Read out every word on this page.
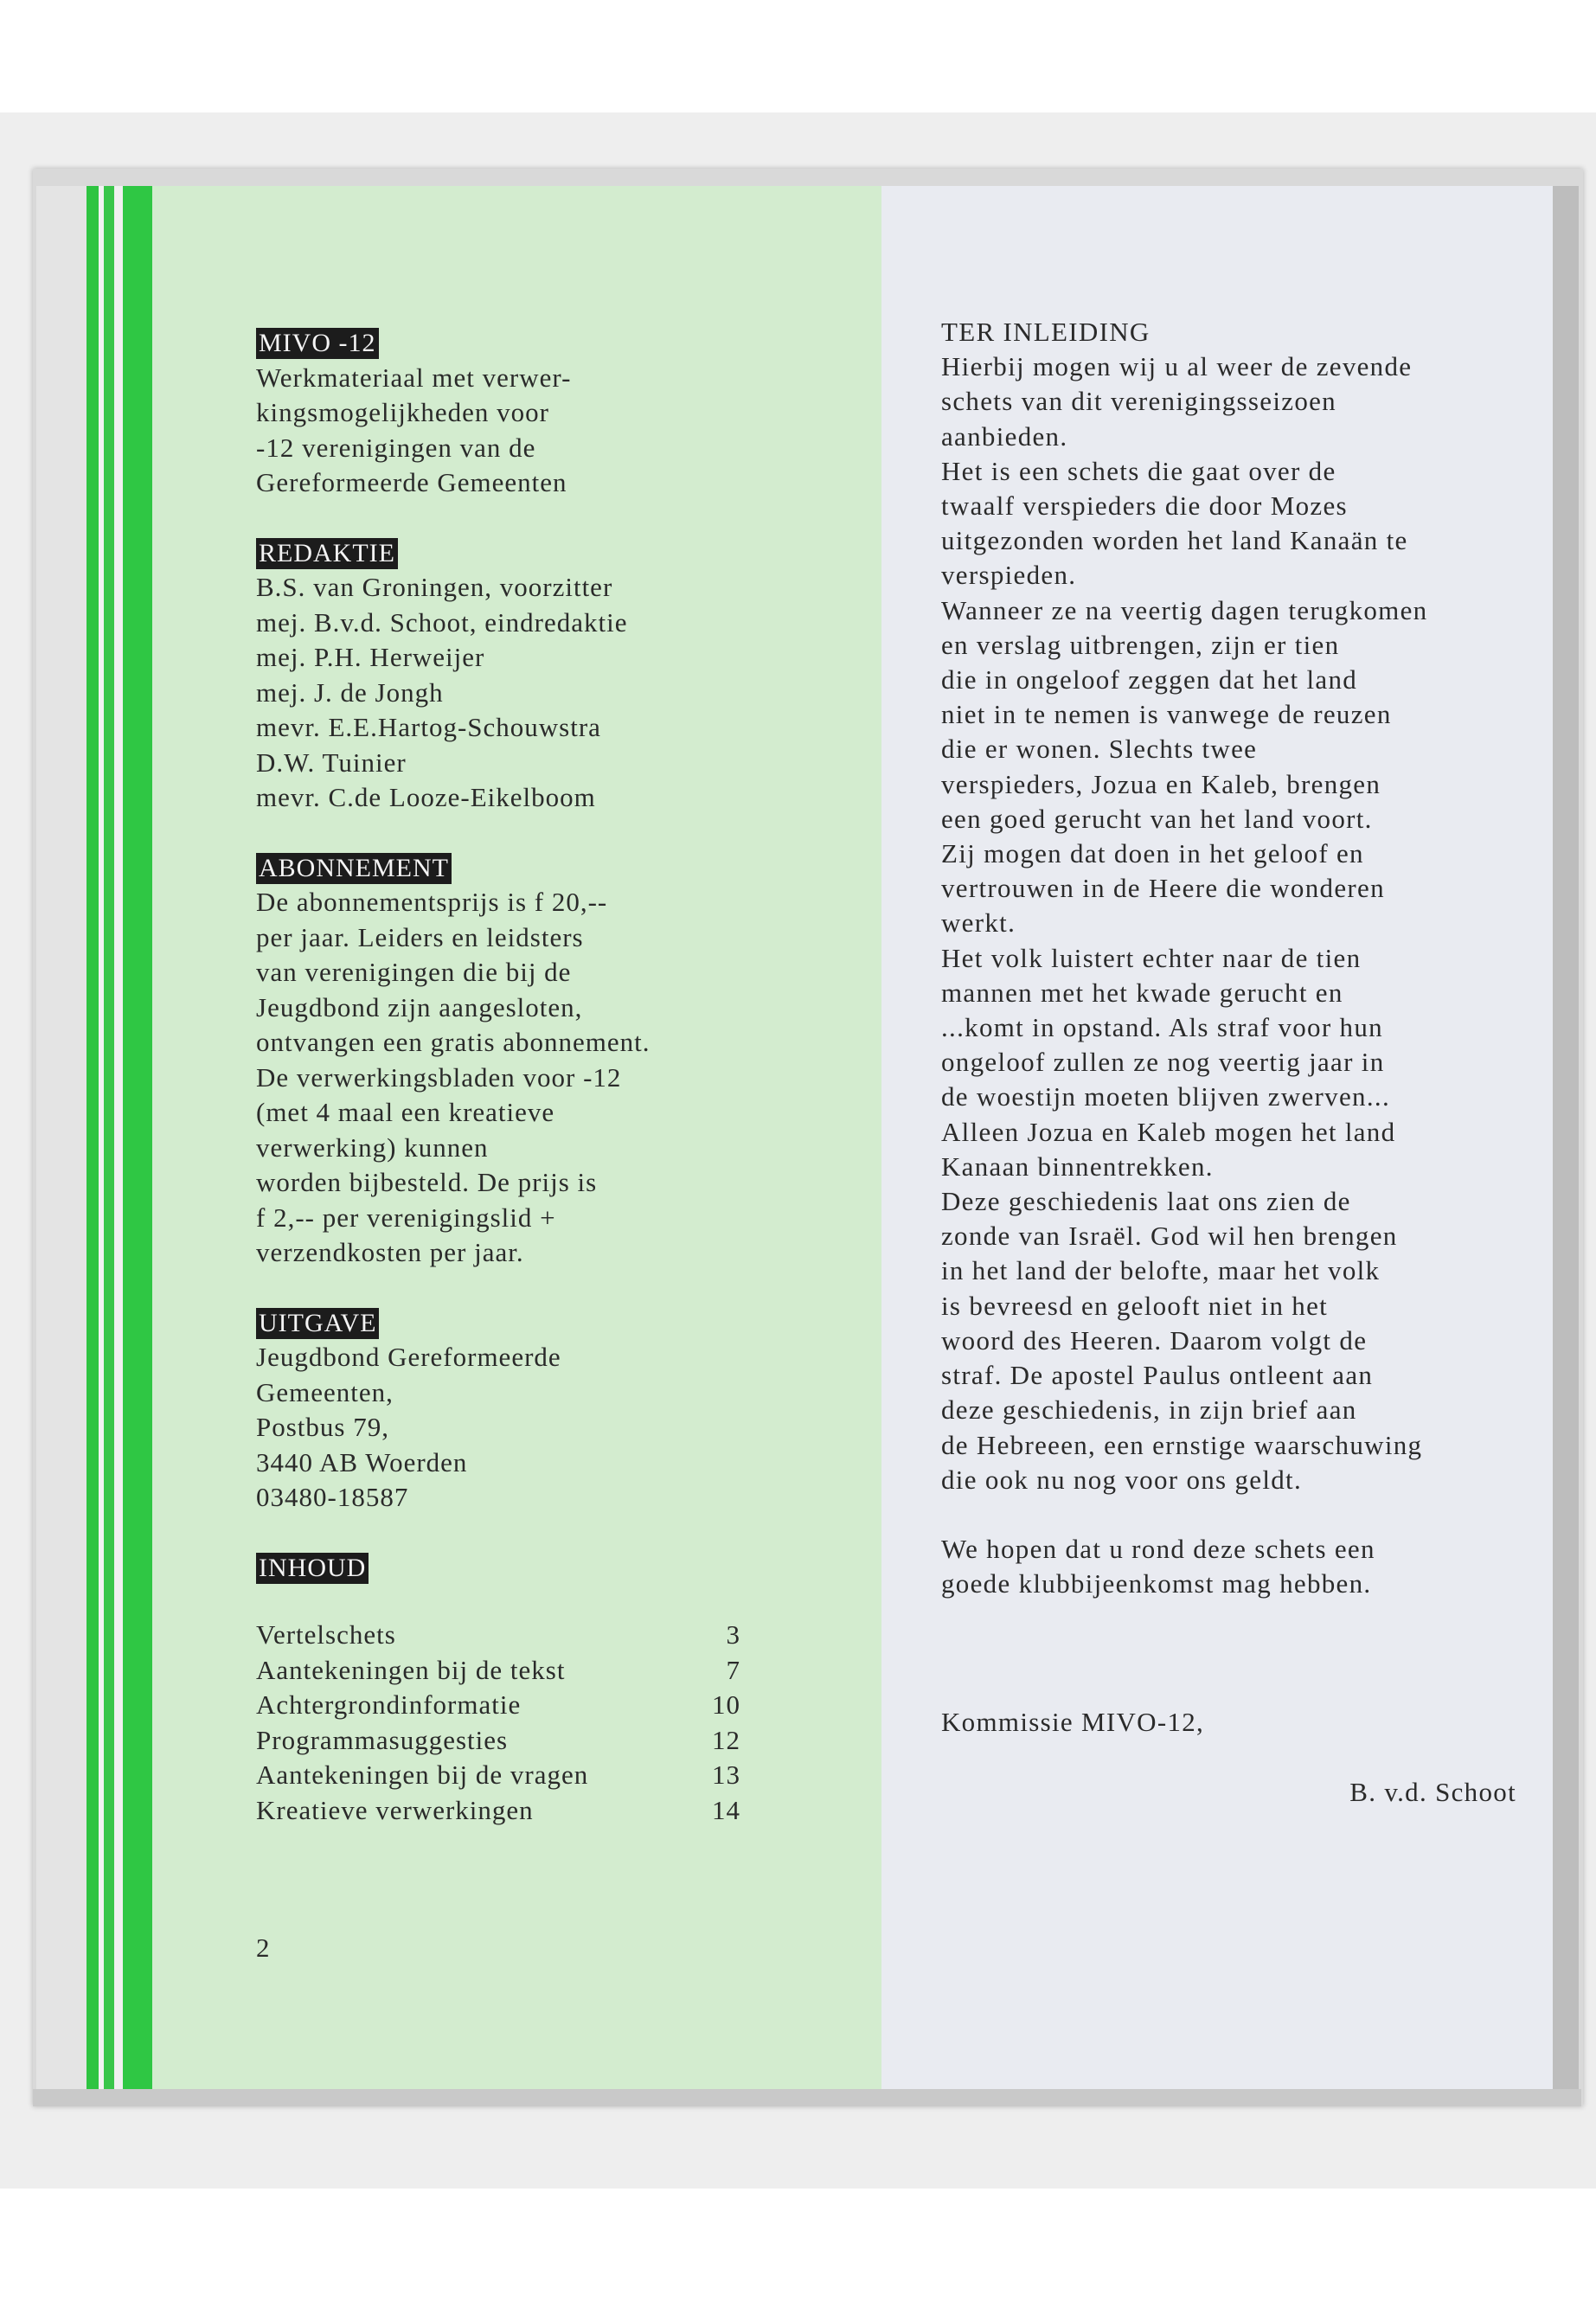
MIVO -12
Werkmateriaal met verwer-
kingsmogelijkheden voor
-12 verenigingen van de
Gereformeerde Gemeenten
REDAKTIE
B.S. van Groningen, voorzitter
mej. B.v.d. Schoot, eindredaktie
mej. P.H. Herweijer
mej. J. de Jongh
mevr. E.E.Hartog-Schouwstra
D.W. Tuinier
mevr. C.de Looze-Eikelboom
ABONNEMENT
De abonnementsprijs is f 20,--
per jaar. Leiders en leidsters
van verenigingen die bij de
Jeugdbond zijn aangesloten,
ontvangen een gratis abonnement.
De verwerkingsbladen voor -12
(met 4 maal een kreatieve
verwerking) kunnen
worden bijbesteld. De prijs is
f 2,-- per verenigingslid +
verzendkosten per jaar.
UITGAVE
Jeugdbond Gereformeerde
Gemeenten,
Postbus 79,
3440 AB Woerden
03480-18587
INHOUD
Vertelschets	3
Aantekeningen bij de tekst	7
Achtergrondinformatie	10
Programmasuggesties	12
Aantekeningen bij de vragen	13
Kreatieve verwerkingen	14
2
TER INLEIDING
Hierbij mogen wij u al weer de zevende
schets van dit verenigingsseizoen
aanbieden.
Het is een schets die gaat over de
twaalf verspieders die door Mozes
uitgezonden worden het land Kanaän te
verspieden.
Wanneer ze na veertig dagen terugkomen
en verslag uitbrengen, zijn er tien
die in ongeloof zeggen dat het land
niet in te nemen is vanwege de reuzen
die er wonen. Slechts twee
verspieders, Jozua en Kaleb, brengen
een goed gerucht van het land voort.
Zij mogen dat doen in het geloof en
vertrouwen in de Heere die wonderen
werkt.
Het volk luistert echter naar de tien
mannen met het kwade gerucht en
...komt in opstand. Als straf voor hun
ongeloof zullen ze nog veertig jaar in
de woestijn moeten blijven zwerven...
Alleen Jozua en Kaleb mogen het land
Kanaan binnentrekken.
Deze geschiedenis laat ons zien de
zonde van Israël. God wil hen brengen
in het land der belofte, maar het volk
is bevreesd en gelooft niet in het
woord des Heeren. Daarom volgt de
straf. De apostel Paulus ontleent aan
deze geschiedenis, in zijn brief aan
de Hebreeen, een ernstige waarschuwing
die ook nu nog voor ons geldt.
We hopen dat u rond deze schets een
goede klubbijeenkomst mag hebben.
Kommissie MIVO-12,
B. v.d. Schoot
